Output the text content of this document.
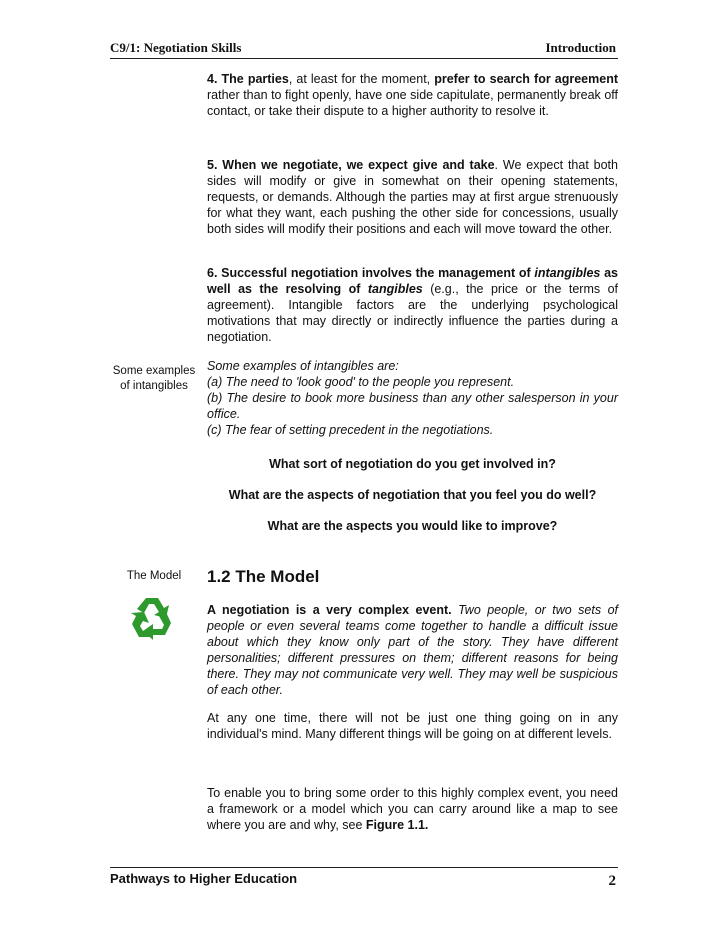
C9/1: Negotiation Skills	Introduction
4. The parties, at least for the moment, prefer to search for agreement rather than to fight openly, have one side capitulate, permanently break off contact, or take their dispute to a higher authority to resolve it.
5. When we negotiate, we expect give and take. We expect that both sides will modify or give in somewhat on their opening statements, requests, or demands. Although the parties may at first argue strenuously for what they want, each pushing the other side for concessions, usually both sides will modify their positions and each will move toward the other.
6. Successful negotiation involves the management of intangibles as well as the resolving of tangibles (e.g., the price or the terms of agreement). Intangible factors are the underlying psychological motivations that may directly or indirectly influence the parties during a negotiation.
Some examples of intangibles
Some examples of intangibles are:
(a) The need to 'look good' to the people you represent.
(b) The desire to book more business than any other salesperson in your office.
(c) The fear of setting precedent in the negotiations.
What sort of negotiation do you get involved in?
What are the aspects of negotiation that you feel you do well?
What are the aspects you would like to improve?
The Model	1.2 The Model
A negotiation is a very complex event. Two people, or two sets of people or even several teams come together to handle a difficult issue about which they know only part of the story. They have different personalities; different pressures on them; different reasons for being there. They may not communicate very well. They may well be suspicious of each other.
At any one time, there will not be just one thing going on in any individual's mind. Many different things will be going on at different levels.
To enable you to bring some order to this highly complex event, you need a framework or a model which you can carry around like a map to see where you are and why, see Figure 1.1.
Pathways to Higher Education	2
